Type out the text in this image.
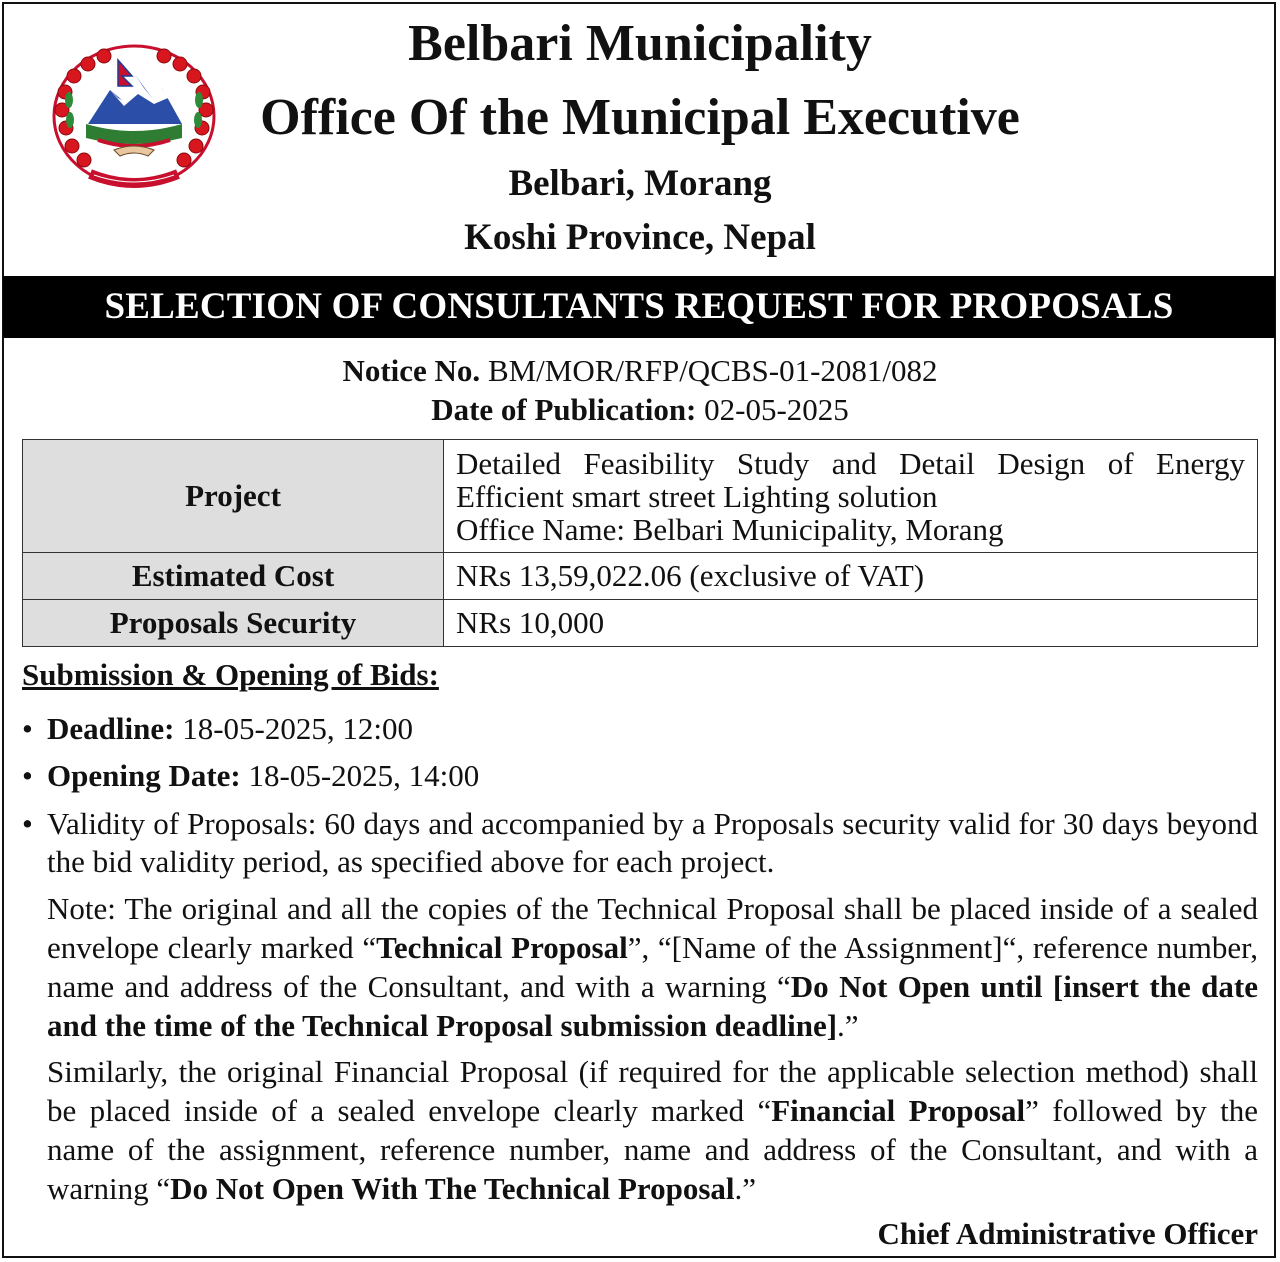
Belbari Municipality
Office Of the Municipal Executive
Belbari, Morang
Koshi Province, Nepal
SELECTION OF CONSULTANTS REQUEST FOR PROPOSALS
Notice No. BM/MOR/RFP/QCBS-01-2081/082
Date of Publication: 02-05-2025
Project	Detailed Feasibility Study and Detail Design of Energy
Efficient smart street Lighting solution
Office Name: Belbari Municipality, Morang

Estimated Cost	NRs 13,59,022.06 (exclusive of VAT)
Proposals Security	NRs 10,000
Submission & Opening of Bids:
• Deadline: 18-05-2025, 12:00
• Opening Date: 18-05-2025, 14:00
• Validity of Proposals: 60 days and accompanied by a Proposals security valid for 30 days beyond the bid validity period, as specified above for each project.
Note: The original and all the copies of the Technical Proposal shall be placed inside of a sealed envelope clearly marked “Technical Proposal”, “[Name of the Assignment]“, reference number, name and address of the Consultant, and with a warning “Do Not Open until [insert the date and the time of the Technical Proposal submission deadline].”
Similarly, the original Financial Proposal (if required for the applicable selection method) shall be placed inside of a sealed envelope clearly marked “Financial Proposal” followed by the name of the assignment, reference number, name and address of the Consultant, and with a warning “Do Not Open With The Technical Proposal.”
Chief Administrative Officer
